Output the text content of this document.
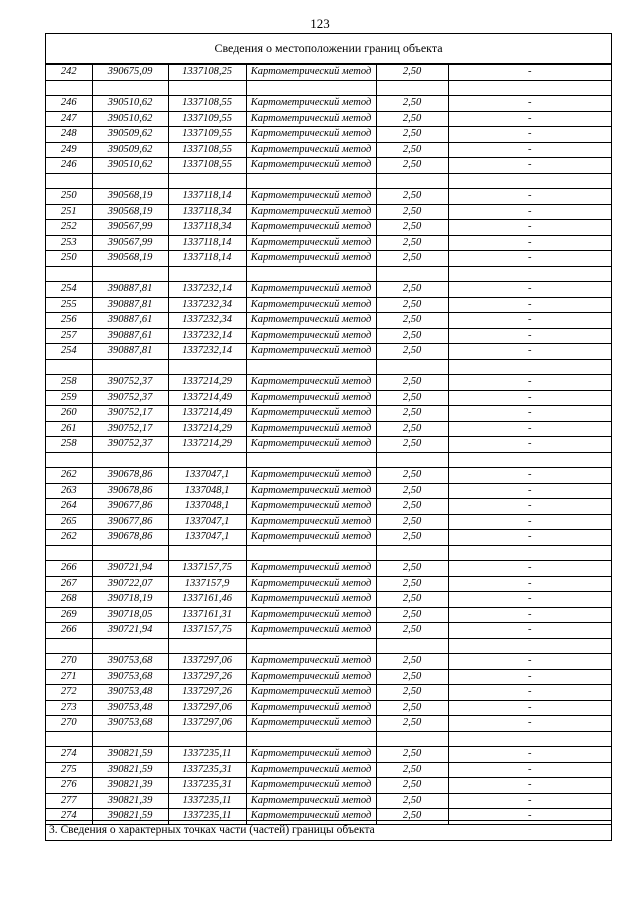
123
Сведения о местоположении границ объекта
242	390675,09	1337108,25	Картометрический метод	2,50	-

246	390510,62	1337108,55	Картометрический метод	2,50	-
247	390510,62	1337109,55	Картометрический метод	2,50	-
248	390509,62	1337109,55	Картометрический метод	2,50	-
249	390509,62	1337108,55	Картометрический метод	2,50	-
246	390510,62	1337108,55	Картометрический метод	2,50	-

250	390568,19	1337118,14	Картометрический метод	2,50	-
251	390568,19	1337118,34	Картометрический метод	2,50	-
252	390567,99	1337118,34	Картометрический метод	2,50	-
253	390567,99	1337118,14	Картометрический метод	2,50	-
250	390568,19	1337118,14	Картометрический метод	2,50	-

254	390887,81	1337232,14	Картометрический метод	2,50	-
255	390887,81	1337232,34	Картометрический метод	2,50	-
256	390887,61	1337232,34	Картометрический метод	2,50	-
257	390887,61	1337232,14	Картометрический метод	2,50	-
254	390887,81	1337232,14	Картометрический метод	2,50	-

258	390752,37	1337214,29	Картометрический метод	2,50	-
259	390752,37	1337214,49	Картометрический метод	2,50	-
260	390752,17	1337214,49	Картометрический метод	2,50	-
261	390752,17	1337214,29	Картометрический метод	2,50	-
258	390752,37	1337214,29	Картометрический метод	2,50	-

262	390678,86	1337047,1	Картометрический метод	2,50	-
263	390678,86	1337048,1	Картометрический метод	2,50	-
264	390677,86	1337048,1	Картометрический метод	2,50	-
265	390677,86	1337047,1	Картометрический метод	2,50	-
262	390678,86	1337047,1	Картометрический метод	2,50	-

266	390721,94	1337157,75	Картометрический метод	2,50	-
267	390722,07	1337157,9	Картометрический метод	2,50	-
268	390718,19	1337161,46	Картометрический метод	2,50	-
269	390718,05	1337161,31	Картометрический метод	2,50	-
266	390721,94	1337157,75	Картометрический метод	2,50	-

270	390753,68	1337297,06	Картометрический метод	2,50	-
271	390753,68	1337297,26	Картометрический метод	2,50	-
272	390753,48	1337297,26	Картометрический метод	2,50	-
273	390753,48	1337297,06	Картометрический метод	2,50	-
270	390753,68	1337297,06	Картометрический метод	2,50	-

274	390821,59	1337235,11	Картометрический метод	2,50	-
275	390821,59	1337235,31	Картометрический метод	2,50	-
276	390821,39	1337235,31	Картометрический метод	2,50	-
277	390821,39	1337235,11	Картометрический метод	2,50	-
274	390821,59	1337235,11	Картометрический метод	2,50	-
3. Сведения о характерных точках части (частей) границы объекта
